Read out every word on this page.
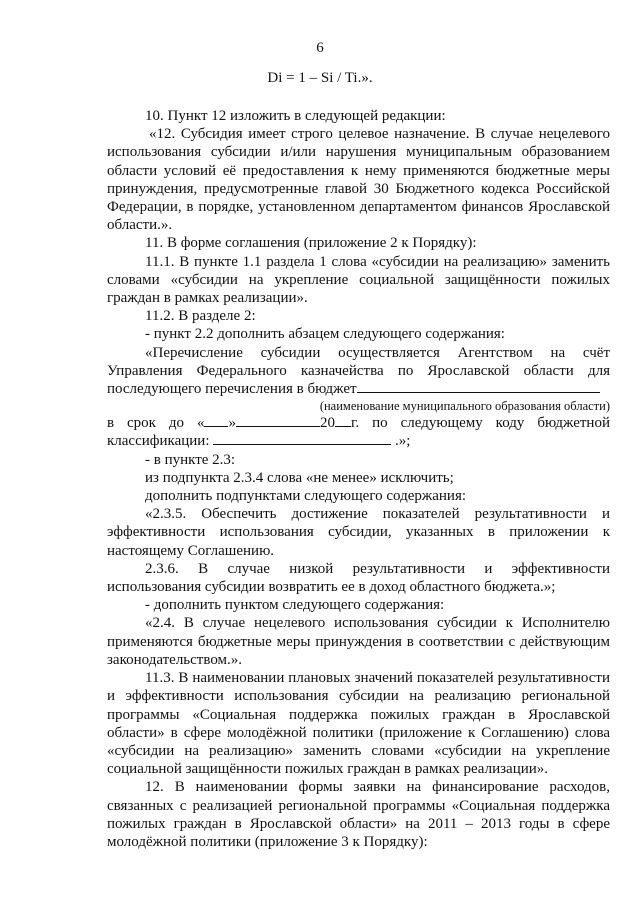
6
Di = 1 – Si / Ti.».

10. Пункт 12 изложить в следующей редакции:

«12. Субсидия имеет строго целевое назначение. В случае нецелевого использования субсидии и/или нарушения муниципальным образованием области условий её предоставления к нему применяются бюджетные меры принуждения, предусмотренные главой 30 Бюджетного кодекса Российской Федерации, в порядке, установленном департаментом финансов Ярославской области.».

11. В форме соглашения (приложение 2 к Порядку):

11.1. В пункте 1.1 раздела 1 слова «субсидии на реализацию» заменить словами «субсидии на укрепление социальной защищённости пожилых граждан в рамках реализации».

11.2. В разделе 2:

- пункт 2.2 дополнить абзацем следующего содержания:

«Перечисление субсидии осуществляется Агентством на счёт Управления Федерального казначейства по Ярославской области для последующего перечисления в бюджет

(наименование муниципального образования области)

в срок до « »	20 г. по следующему коду бюджетной классификации:	.»;

- в пункте 2.3:

из подпункта 2.3.4 слова «не менее» исключить;

дополнить подпунктами следующего содержания:

«2.3.5. Обеспечить достижение показателей результативности и эффективности использования субсидии, указанных в приложении к настоящему Соглашению.

2.3.6. В случае низкой результативности и эффективности использования субсидии возвратить ее в доход областного бюджета.»;

- дополнить пунктом следующего содержания:

«2.4. В случае нецелевого использования субсидии к Исполнителю применяются бюджетные меры принуждения в соответствии с действующим законодательством.».

11.3. В наименовании плановых значений показателей результативности и эффективности использования субсидии на реализацию региональной программы «Социальная поддержка пожилых граждан в Ярославской области» в сфере молодёжной политики (приложение к Соглашению) слова «субсидии на реализацию» заменить словами «субсидии на укрепление социальной защищённости пожилых граждан в рамках реализации».

12. В наименовании формы заявки на финансирование расходов, связанных с реализацией региональной программы «Социальная поддержка пожилых граждан в Ярославской области» на 2011 – 2013 годы в сфере молодёжной политики (приложение 3 к Порядку):
